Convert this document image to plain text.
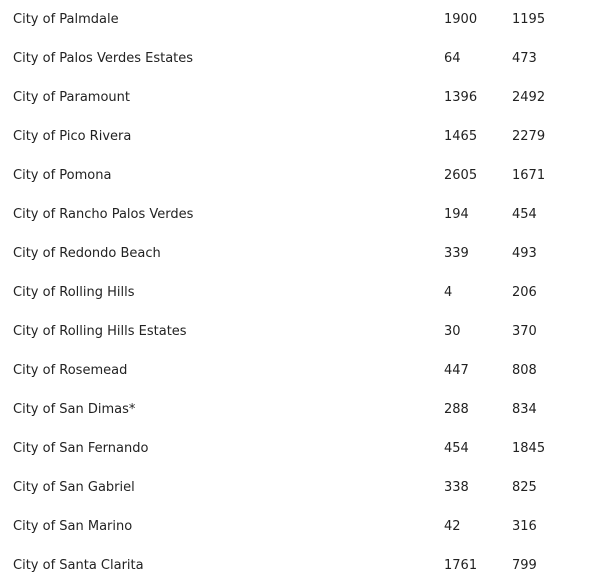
City of Palmdale	1900	1195
City of Palos Verdes Estates	64	473
City of Paramount	1396	2492
City of Pico Rivera	1465	2279
City of Pomona	2605	1671
City of Rancho Palos Verdes	194	454
City of Redondo Beach	339	493
City of Rolling Hills	4	206
City of Rolling Hills Estates	30	370
City of Rosemead	447	808
City of San Dimas*	288	834
City of San Fernando	454	1845
City of San Gabriel	338	825
City of San Marino	42	316
City of Santa Clarita	1761	799
